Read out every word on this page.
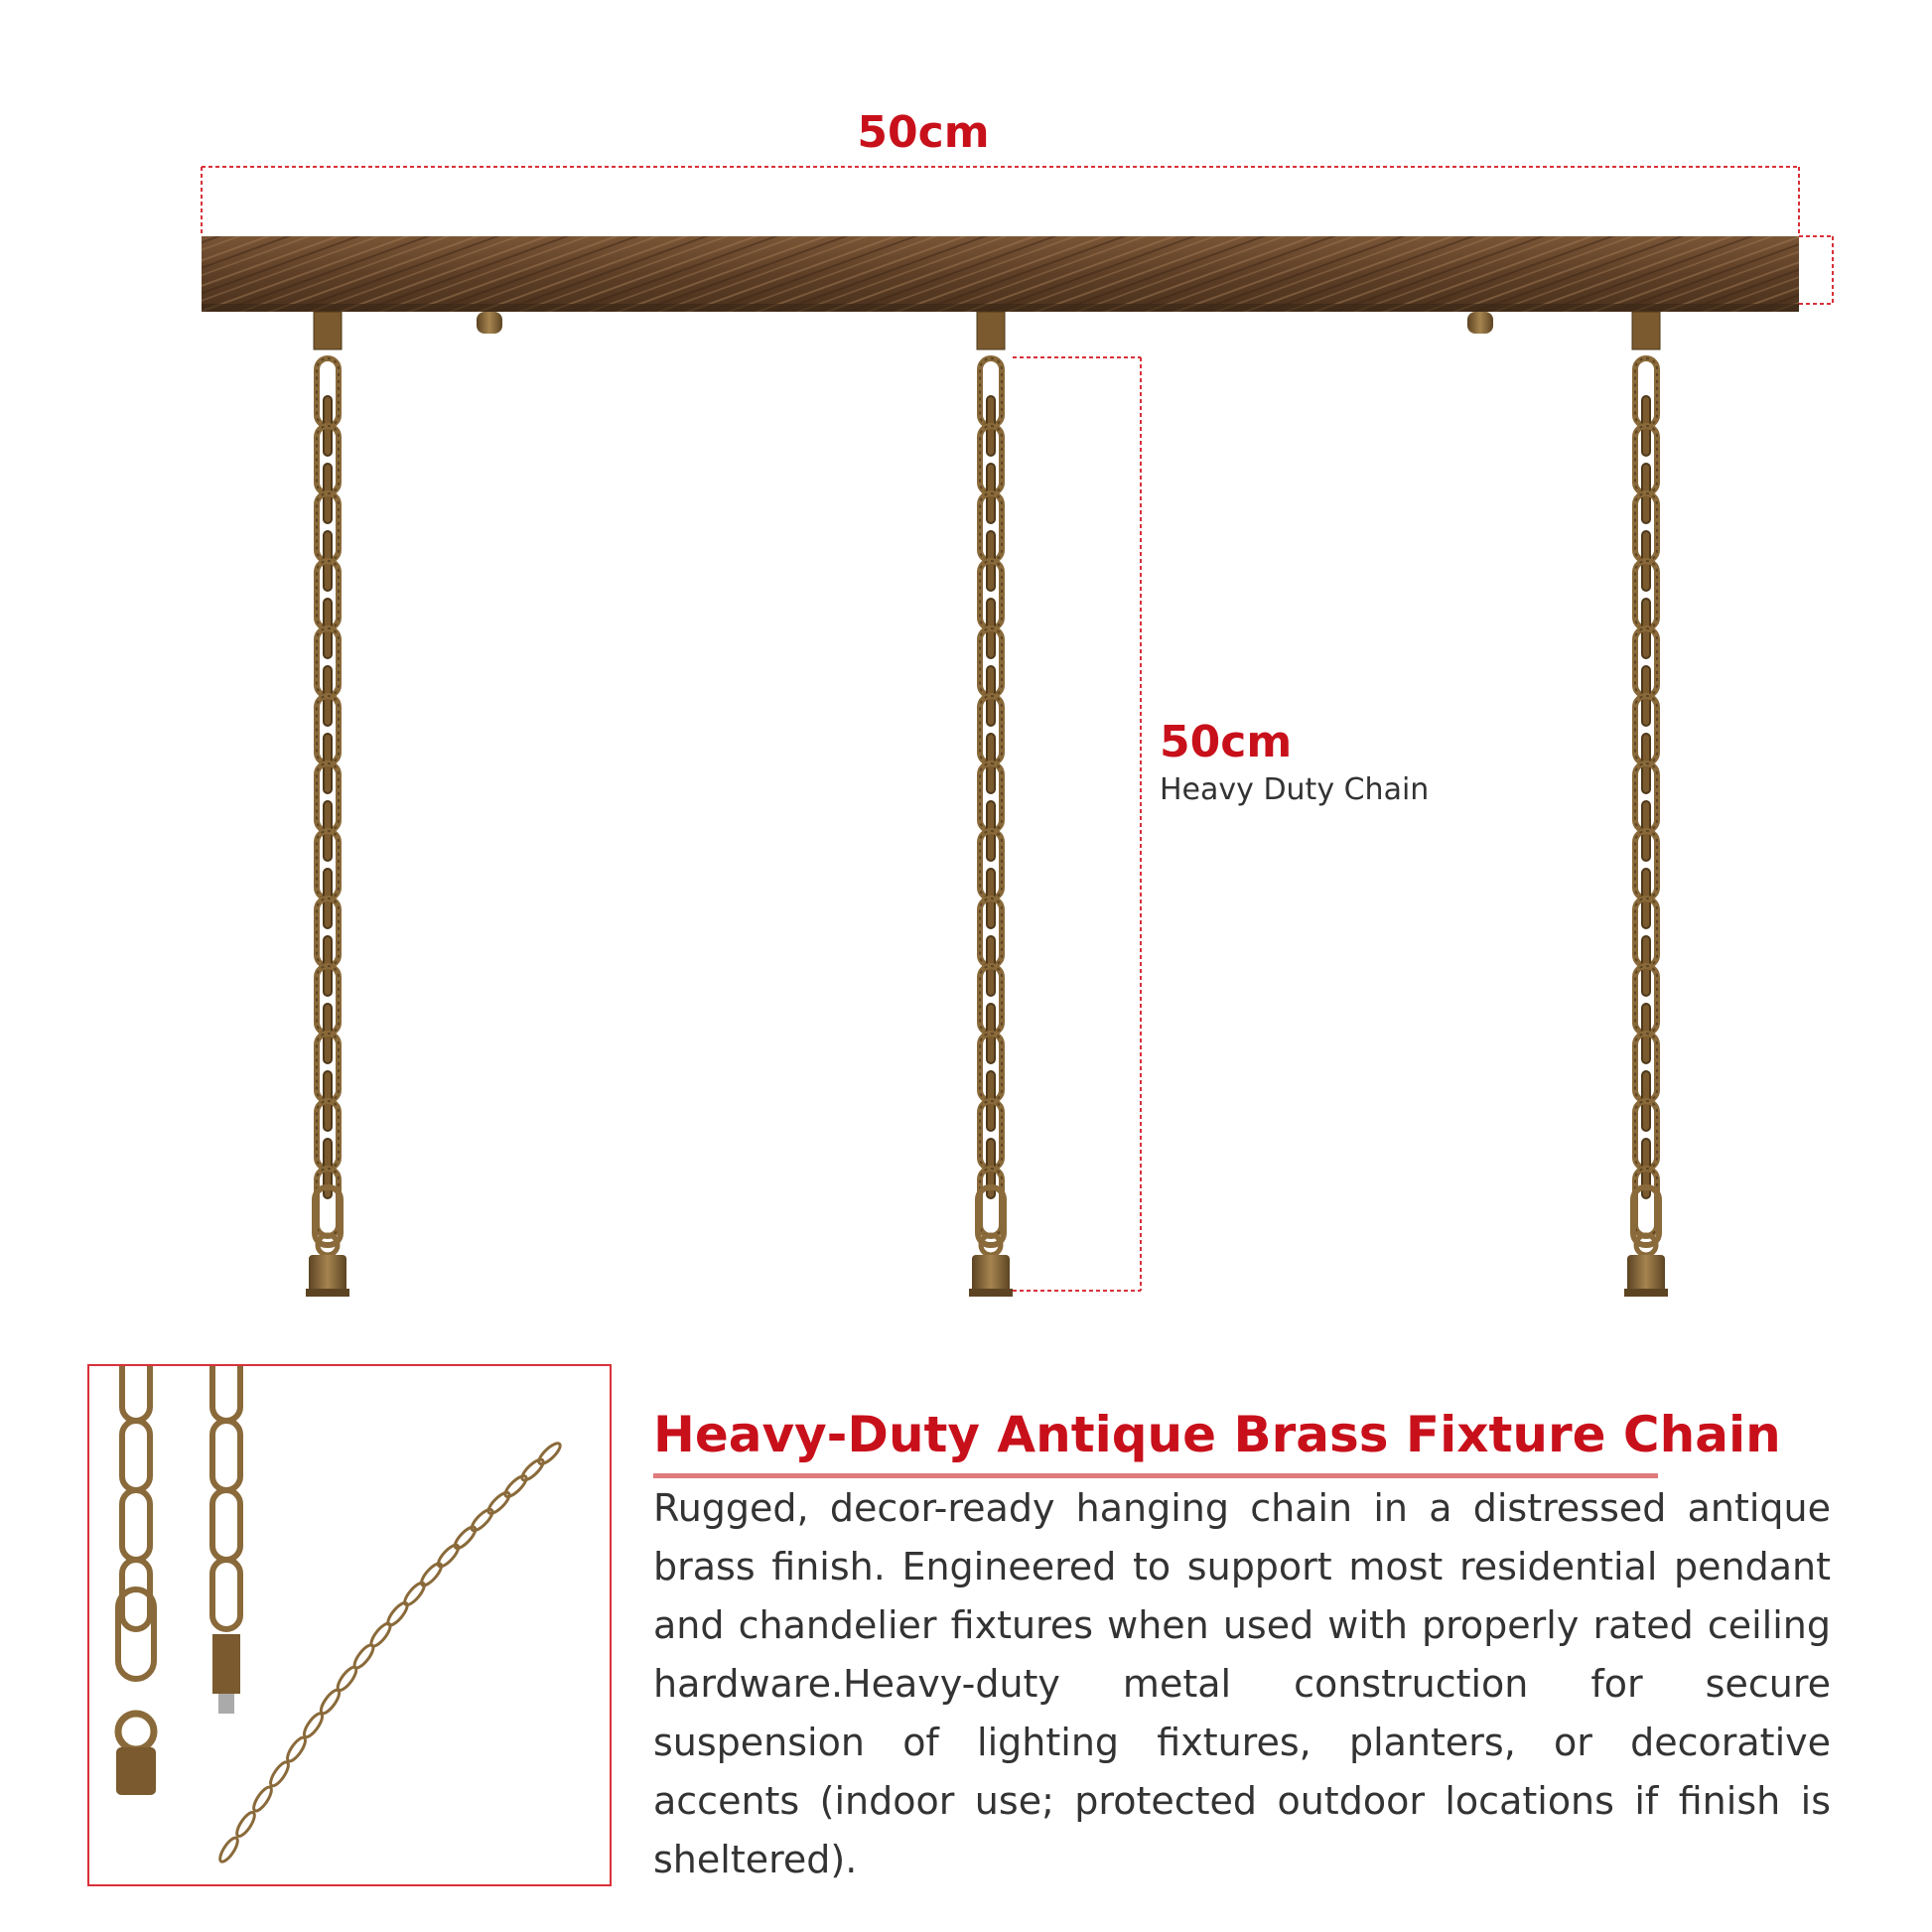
50cm
50cm
Heavy Duty Chain
Heavy-Duty Antique Brass Fixture Chain
Rugged, decor-ready hanging chain in a distressed antique brass finish. Engineered to support most residential pendant and chandelier fixtures when used with properly rated ceiling hardware.Heavy-duty metal construction for secure suspension of lighting fixtures, planters, or decorative accents (indoor use; protected outdoor locations if finish is sheltered).
